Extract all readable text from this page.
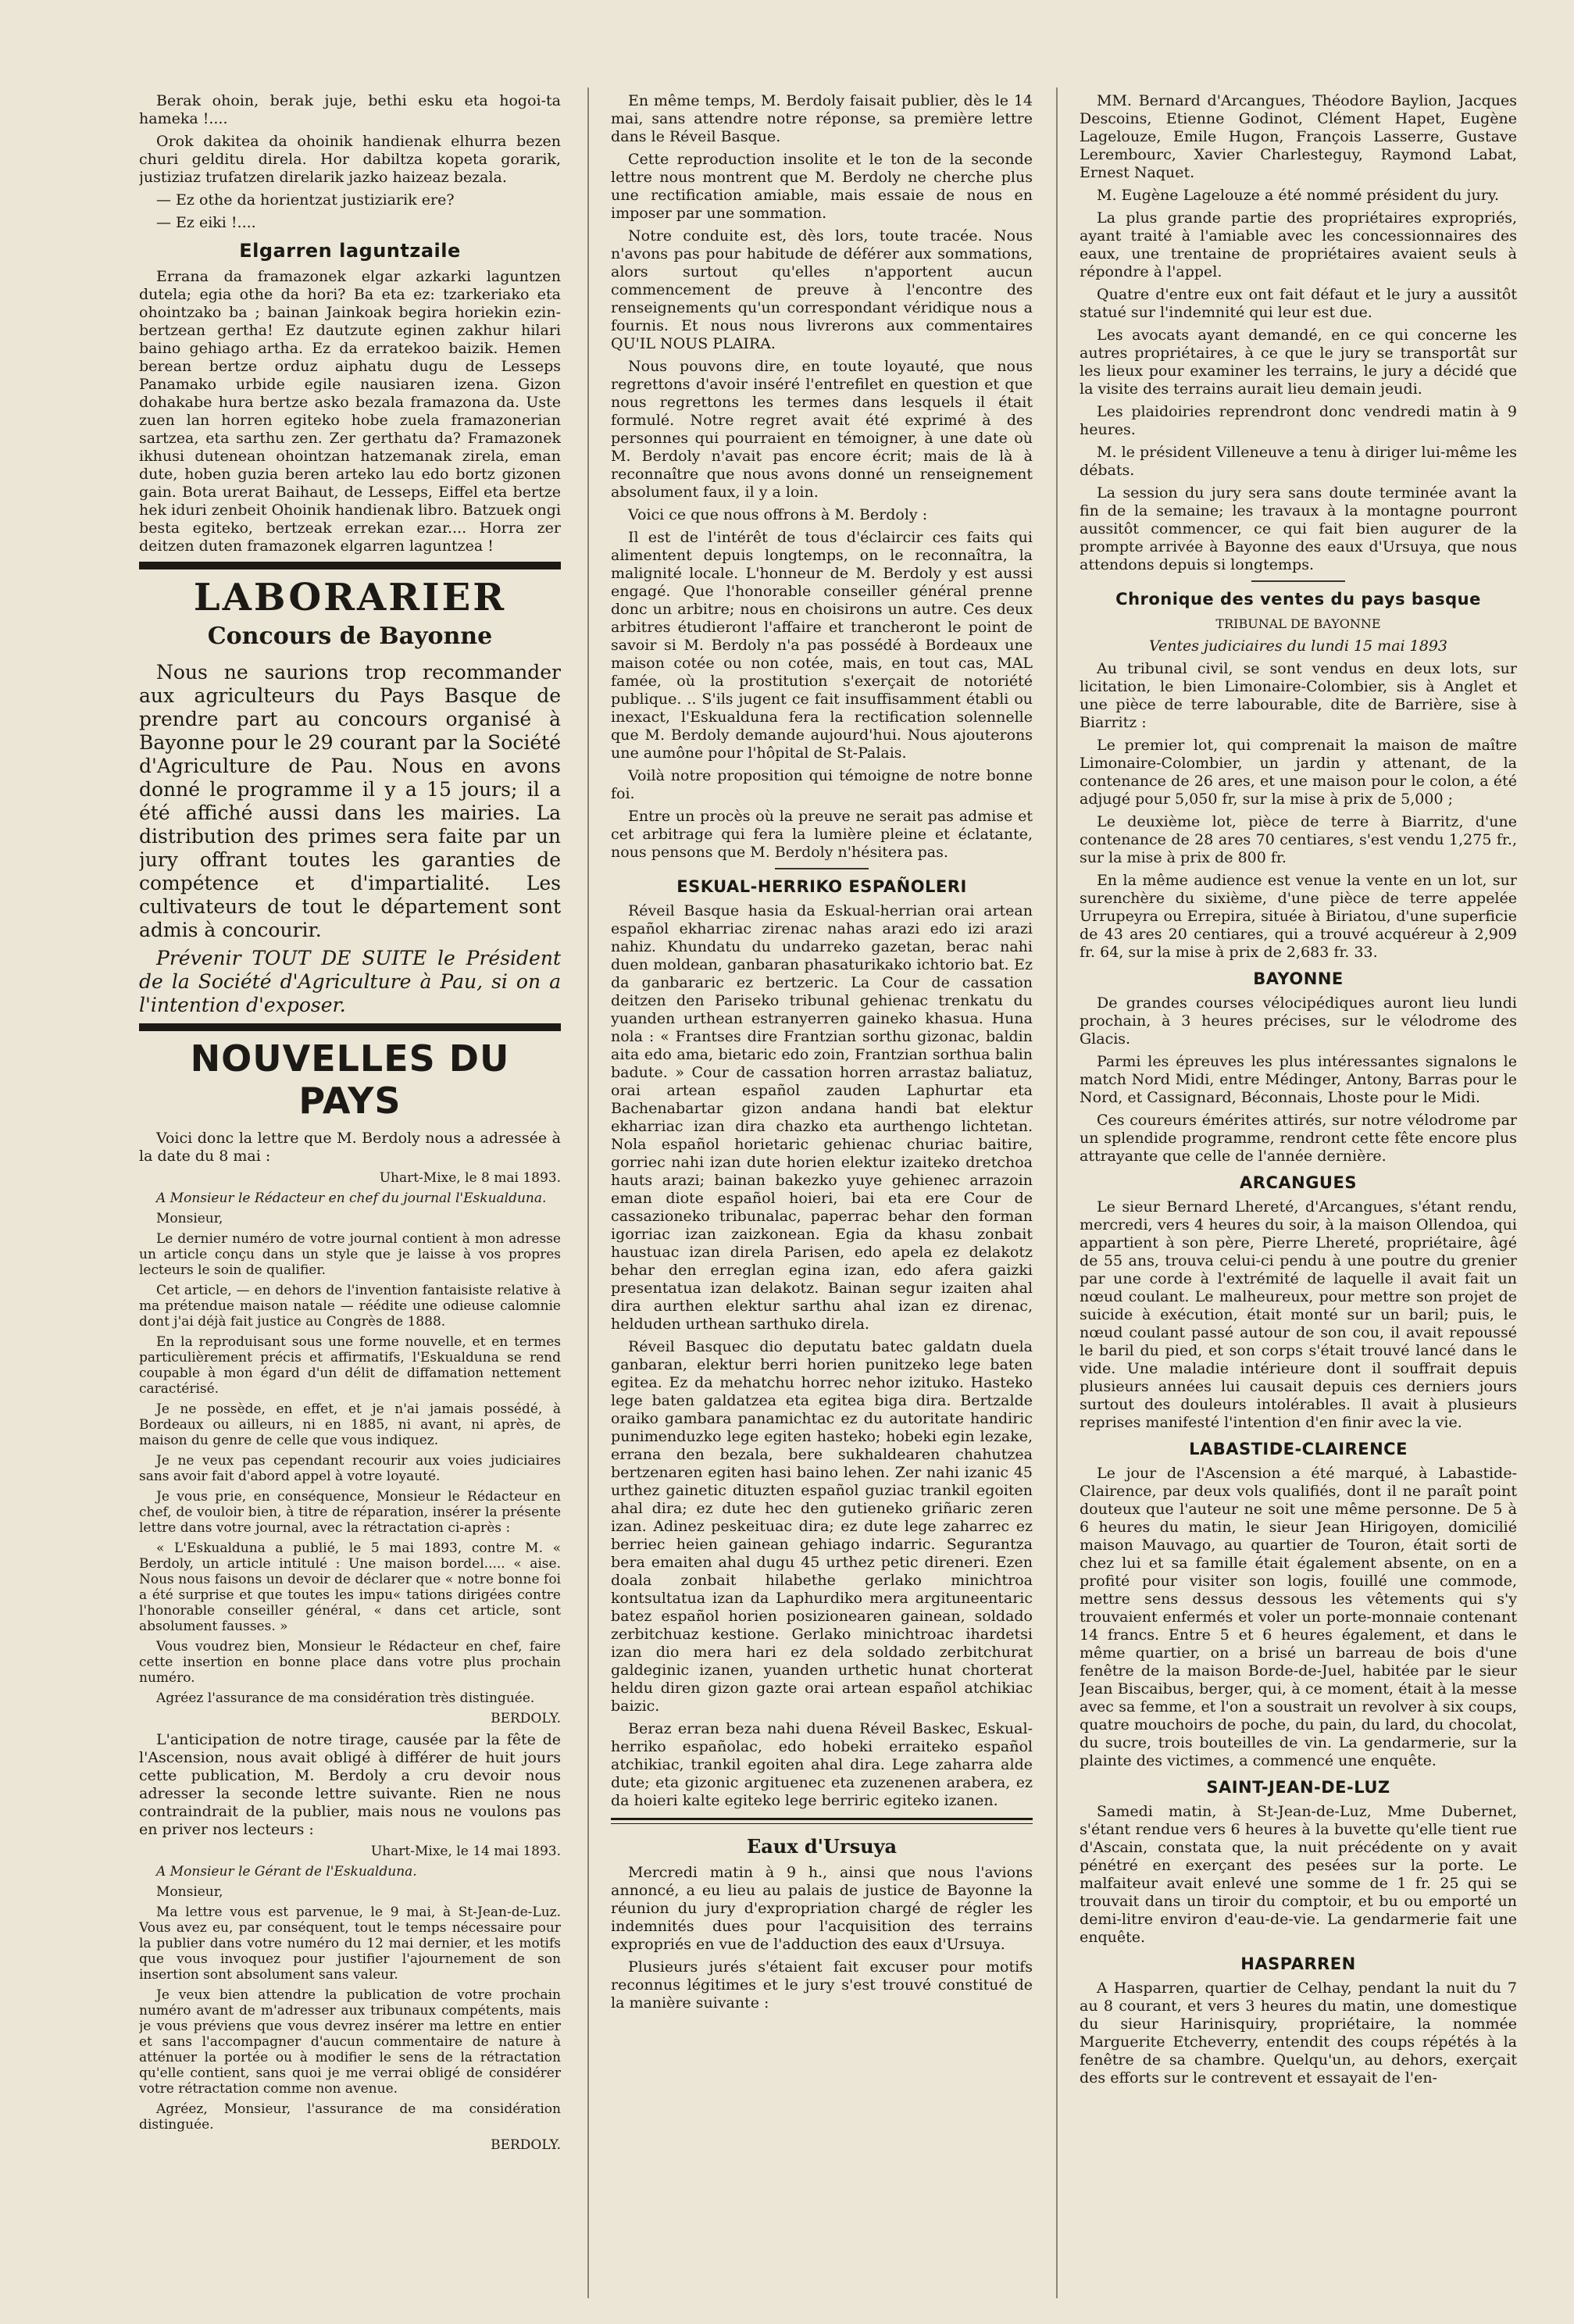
Berak ohoin, berak juje, bethi esku eta hogoi-ta hameka !....

Orok dakitea da ohoinik handienak elhurra bezen churi gelditu direla. Hor dabiltza kopeta gorarik, justiziaz trufatzen direlarik jazko haizeaz bezala.

— Ez othe da horientzat justiziarik ere?

— Ez eiki !....

Elgarren laguntzaile

Errana da framazonek elgar azkarki laguntzen dutela; egia othe da hori? Ba eta ez: tzarkeriako eta ohointzako ba ; bainan Jainkoak begira horiekin ezin-bertzean gertha! Ez dautzute eginen zakhur hilari baino gehiago artha. Ez da erratekoo baizik. Hemen berean bertze orduz aiphatu dugu de Lesseps Panamako urbide egile nausiaren izena. Gizon dohakabe hura bertze asko bezala framazona da. Uste zuen lan horren egiteko hobe zuela framazonerian sartzea, eta sarthu zen. Zer gerthatu da? Framazonek ikhusi dutenean ohointzan hatzemanak zirela, eman dute, hoben guzia beren arteko lau edo bortz gizonen gain. Bota urerat Baihaut, de Lesseps, Eiffel eta bertze hek iduri zenbeit Ohoinik handienak libro. Batzuek ongi besta egiteko, bertzeak errekan ezar.... Horra zer deitzen duten framazonek elgarren laguntzea !

LABORARIER
Concours de Bayonne

Nous ne saurions trop recommander aux agriculteurs du Pays Basque de prendre part au concours organisé à Bayonne pour le 29 courant par la Société d'Agriculture de Pau. Nous en avons donné le programme il y a 15 jours; il a été affiché aussi dans les mairies. La distribution des primes sera faite par un jury offrant toutes les garanties de compétence et d'impartialité. Les cultivateurs de tout le département sont admis à concourir.

Prévenir TOUT DE SUITE le Président de la Société d'Agriculture à Pau, si on a l'intention d'exposer.

NOUVELLES DU PAYS

Voici donc la lettre que M. Berdoly nous a adressée à la date du 8 mai :

Uhart-Mixe, le 8 mai 1893.

A Monsieur le Rédacteur en chef du journal l'Eskualduna.

Monsieur,

Le dernier numéro de votre journal contient à mon adresse un article conçu dans un style que je laisse à vos propres lecteurs le soin de qualifier.

Cet article, — en dehors de l'invention fantaisiste relative à ma prétendue maison natale — réédite une odieuse calomnie dont j'ai déjà fait justice au Congrès de 1888.

En la reproduisant sous une forme nouvelle, et en termes particulièrement précis et affirmatifs, l'Eskualduna se rend coupable à mon égard d'un délit de diffamation nettement caractérisé.

Je ne possède, en effet, et je n'ai jamais possédé, à Bordeaux ou ailleurs, ni en 1885, ni avant, ni après, de maison du genre de celle que vous indiquez.

Je ne veux pas cependant recourir aux voies judiciaires sans avoir fait d'abord appel à votre loyauté.

Je vous prie, en conséquence, Monsieur le Rédacteur en chef, de vouloir bien, à titre de réparation, insérer la présente lettre dans votre journal, avec la rétractation ci-après :

« L'Eskualduna a publié, le 5 mai 1893, contre M. « Berdoly, un article intitulé : Une maison bordel..... « aise. Nous nous faisons un devoir de déclarer que « notre bonne foi a été surprise et que toutes les impu« tations dirigées contre l'honorable conseiller général, « dans cet article, sont absolument fausses. »

Vous voudrez bien, Monsieur le Rédacteur en chef, faire cette insertion en bonne place dans votre plus prochain numéro.

Agréez l'assurance de ma considération très distinguée.

BERDOLY.

L'anticipation de notre tirage, causée par la fête de l'Ascension, nous avait obligé à différer de huit jours cette publication, M. Berdoly a cru devoir nous adresser la seconde lettre suivante. Rien ne nous contraindrait de la publier, mais nous ne voulons pas en priver nos lecteurs :

Uhart-Mixe, le 14 mai 1893.

A Monsieur le Gérant de l'Eskualduna.

Monsieur,

Ma lettre vous est parvenue, le 9 mai, à St-Jean-de-Luz. Vous avez eu, par conséquent, tout le temps nécessaire pour la publier dans votre numéro du 12 mai dernier, et les motifs que vous invoquez pour justifier l'ajournement de son insertion sont absolument sans valeur.

Je veux bien attendre la publication de votre prochain numéro avant de m'adresser aux tribunaux compétents, mais je vous préviens que vous devrez insérer ma lettre en entier et sans l'accompagner d'aucun commentaire de nature à atténuer la portée ou à modifier le sens de la rétractation qu'elle contient, sans quoi je me verrai obligé de considérer votre rétractation comme non avenue.

Agréez, Monsieur, l'assurance de ma considération distinguée.

BERDOLY.

En même temps, M. Berdoly faisait publier, dès le 14 mai, sans attendre notre réponse, sa première lettre dans le Réveil Basque.

Cette reproduction insolite et le ton de la seconde lettre nous montrent que M. Berdoly ne cherche plus une rectification amiable, mais essaie de nous en imposer par une sommation.

Notre conduite est, dès lors, toute tracée. Nous n'avons pas pour habitude de déférer aux sommations, alors surtout qu'elles n'apportent aucun commencement de preuve à l'encontre des renseignements qu'un correspondant véridique nous a fournis. Et nous nous livrerons aux commentaires QU'IL NOUS PLAIRA.

Nous pouvons dire, en toute loyauté, que nous regrettons d'avoir inséré l'entrefilet en question et que nous regrettons les termes dans lesquels il était formulé. Notre regret avait été exprimé à des personnes qui pourraient en témoigner, à une date où M. Berdoly n'avait pas encore écrit; mais de là à reconnaître que nous avons donné un renseignement absolument faux, il y a loin.

Voici ce que nous offrons à M. Berdoly :

Il est de l'intérêt de tous d'éclaircir ces faits qui alimentent depuis longtemps, on le reconnaîtra, la malignité locale. L'honneur de M. Berdoly y est aussi engagé. Que l'honorable conseiller général prenne donc un arbitre; nous en choisirons un autre. Ces deux arbitres étudieront l'affaire et trancheront le point de savoir si M. Berdoly n'a pas possédé à Bordeaux une maison cotée ou non cotée, mais, en tout cas, MAL famée, où la prostitution s'exerçait de notoriété publique. .. S'ils jugent ce fait insuffisamment établi ou inexact, l'Eskualduna fera la rectification solennelle que M. Berdoly demande aujourd'hui. Nous ajouterons une aumône pour l'hôpital de St-Palais.

Voilà notre proposition qui témoigne de notre bonne foi.

Entre un procès où la preuve ne serait pas admise et cet arbitrage qui fera la lumière pleine et éclatante, nous pensons que M. Berdoly n'hésitera pas.

ESKUAL-HERRIKO ESPAÑOLERI

Réveil Basque hasia da Eskual-herrian orai artean español ekharriac zirenac nahas arazi edo izi arazi nahiz. Khundatu du undarreko gazetan, berac nahi duen moldean, ganbaran phasaturikako ichtorio bat. Ez da ganbararic ez bertzeric. La Cour de cassation deitzen den Pariseko tribunal gehienac trenkatu du yuanden urthean estranyerren gaineko khasua. Huna nola : « Frantses dire Frantzian sorthu gizonac, baldin aita edo ama, bietaric edo zoin, Frantzian sorthua balin badute. » Cour de cassation horren arrastaz baliatuz, orai artean español zauden Laphurtar eta Bachenabartar gizon andana handi bat elektur ekharriac izan dira chazko eta aurthengo lichtetan. Nola español horietaric gehienac churiac baitire, gorriec nahi izan dute horien elektur izaiteko dretchoa hauts arazi; bainan bakezko yuye gehienec arrazoin eman diote español hoieri, bai eta ere Cour de cassazioneko tribunalac, paperrac behar den forman igorriac izan zaizkonean. Egia da khasu zonbait haustuac izan direla Parisen, edo apela ez delakotz behar den erreglan egina izan, edo afera gaizki presentatua izan delakotz. Bainan segur izaiten ahal dira aurthen elektur sarthu ahal izan ez direnac, helduden urthean sarthuko direla.

Réveil Basquec dio deputatu batec galdatn duela ganbaran, elektur berri horien punitzeko lege baten egitea. Ez da mehatchu horrec nehor izituko. Hasteko lege baten galdatzea eta egitea biga dira. Bertzalde oraiko gambara panamichtac ez du autoritate handiric punimenduzko lege egiten hasteko; hobeki egin lezake, errana den bezala, bere sukhaldearen chahutzea bertzenaren egiten hasi baino lehen. Zer nahi izanic 45 urthez gainetic dituzten español guziac trankil egoiten ahal dira; ez dute hec den gutieneko griñaric zeren izan. Adinez peskeituac dira; ez dute lege zaharrec ez berriec heien gainean gehiago indarric. Segurantza bera emaiten ahal dugu 45 urthez petic direneri. Ezen doala zonbait hilabethe gerlako minichtroa kontsultatua izan da Laphurdiko mera argituneentaric batez español horien posizionearen gainean, soldado zerbitchuaz kestione. Gerlako minichtroac ihardetsi izan dio mera hari ez dela soldado zerbitchurat galdeginic izanen, yuanden urthetic hunat chorterat heldu diren gizon gazte orai artean español atchikiac baizic.

Beraz erran beza nahi duena Réveil Baskec, Eskual-herriko españolac, edo hobeki erraiteko español atchikiac, trankil egoiten ahal dira. Lege zaharra alde dute; eta gizonic argituenec eta zuzenenen arabera, ez da hoieri kalte egiteko lege berriric egiteko izanen.

Eaux d'Ursuya

Mercredi matin à 9 h., ainsi que nous l'avions annoncé, a eu lieu au palais de justice de Bayonne la réunion du jury d'expropriation chargé de régler les indemnités dues pour l'acquisition des terrains expropriés en vue de l'adduction des eaux d'Ursuya.

Plusieurs jurés s'étaient fait excuser pour motifs reconnus légitimes et le jury s'est trouvé constitué de la manière suivante :

MM. Bernard d'Arcangues, Théodore Baylion, Jacques Descoins, Etienne Godinot, Clément Hapet, Eugène Lagelouze, Emile Hugon, François Lasserre, Gustave Lerembourc, Xavier Charlesteguy, Raymond Labat, Ernest Naquet.

M. Eugène Lagelouze a été nommé président du jury.

La plus grande partie des propriétaires expropriés, ayant traité à l'amiable avec les concessionnaires des eaux, une trentaine de propriétaires avaient seuls à répondre à l'appel.

Quatre d'entre eux ont fait défaut et le jury a aussitôt statué sur l'indemnité qui leur est due.

Les avocats ayant demandé, en ce qui concerne les autres propriétaires, à ce que le jury se transportât sur les lieux pour examiner les terrains, le jury a décidé que la visite des terrains aurait lieu demain jeudi.

Les plaidoiries reprendront donc vendredi matin à 9 heures.

M. le président Villeneuve a tenu à diriger lui-même les débats.

La session du jury sera sans doute terminée avant la fin de la semaine; les travaux à la montagne pourront aussitôt commencer, ce qui fait bien augurer de la prompte arrivée à Bayonne des eaux d'Ursuya, que nous attendons depuis si longtemps.

Chronique des ventes du pays basque

TRIBUNAL DE BAYONNE

Ventes judiciaires du lundi 15 mai 1893

Au tribunal civil, se sont vendus en deux lots, sur licitation, le bien Limonaire-Colombier, sis à Anglet et une pièce de terre labourable, dite de Barrière, sise à Biarritz :

Le premier lot, qui comprenait la maison de maître Limonaire-Colombier, un jardin y attenant, de la contenance de 26 ares, et une maison pour le colon, a été adjugé pour 5,050 fr, sur la mise à prix de 5,000 ;

Le deuxième lot, pièce de terre à Biarritz, d'une contenance de 28 ares 70 centiares, s'est vendu 1,275 fr., sur la mise à prix de 800 fr.

En la même audience est venue la vente en un lot, sur surenchère du sixième, d'une pièce de terre appelée Urrupeyra ou Errepira, située à Biriatou, d'une superficie de 43 ares 20 centiares, qui a trouvé acquéreur à 2,909 fr. 64, sur la mise à prix de 2,683 fr. 33.

BAYONNE

De grandes courses vélocipédiques auront lieu lundi prochain, à 3 heures précises, sur le vélodrome des Glacis.

Parmi les épreuves les plus intéressantes signalons le match Nord Midi, entre Médinger, Antony, Barras pour le Nord, et Cassignard, Béconnais, Lhoste pour le Midi.

Ces coureurs émérites attirés, sur notre vélodrome par un splendide programme, rendront cette fête encore plus attrayante que celle de l'année dernière.

ARCANGUES

Le sieur Bernard Lhereté, d'Arcangues, s'étant rendu, mercredi, vers 4 heures du soir, à la maison Ollendoa, qui appartient à son père, Pierre Lhereté, propriétaire, âgé de 55 ans, trouva celui-ci pendu à une poutre du grenier par une corde à l'extrémité de laquelle il avait fait un nœud coulant. Le malheureux, pour mettre son projet de suicide à exécution, était monté sur un baril; puis, le nœud coulant passé autour de son cou, il avait repoussé le baril du pied, et son corps s'était trouvé lancé dans le vide. Une maladie intérieure dont il souffrait depuis plusieurs années lui causait depuis ces derniers jours surtout des douleurs intolérables. Il avait à plusieurs reprises manifesté l'intention d'en finir avec la vie.

LABASTIDE-CLAIRENCE

Le jour de l'Ascension a été marqué, à Labastide-Clairence, par deux vols qualifiés, dont il ne paraît point douteux que l'auteur ne soit une même personne. De 5 à 6 heures du matin, le sieur Jean Hirigoyen, domicilié maison Mauvago, au quartier de Touron, était sorti de chez lui et sa famille était également absente, on en a profité pour visiter son logis, fouillé une commode, mettre sens dessus dessous les vêtements qui s'y trouvaient enfermés et voler un porte-monnaie contenant 14 francs. Entre 5 et 6 heures également, et dans le même quartier, on a brisé un barreau de bois d'une fenêtre de la maison Borde-de-Juel, habitée par le sieur Jean Biscaibus, berger, qui, à ce moment, était à la messe avec sa femme, et l'on a soustrait un revolver à six coups, quatre mouchoirs de poche, du pain, du lard, du chocolat, du sucre, trois bouteilles de vin. La gendarmerie, sur la plainte des victimes, a commencé une enquête.

SAINT-JEAN-DE-LUZ

Samedi matin, à St-Jean-de-Luz, Mme Dubernet, s'étant rendue vers 6 heures à la buvette qu'elle tient rue d'Ascain, constata que, la nuit précédente on y avait pénétré en exerçant des pesées sur la porte. Le malfaiteur avait enlevé une somme de 1 fr. 25 qui se trouvait dans un tiroir du comptoir, et bu ou emporté un demi-litre environ d'eau-de-vie. La gendarmerie fait une enquête.

HASPARREN

A Hasparren, quartier de Celhay, pendant la nuit du 7 au 8 courant, et vers 3 heures du matin, une domestique du sieur Harinisquiry, propriétaire, la nommée Marguerite Etcheverry, entendit des coups répétés à la fenêtre de sa chambre. Quelqu'un, au dehors, exerçait des efforts sur le contrevent et essayait de l'en-
